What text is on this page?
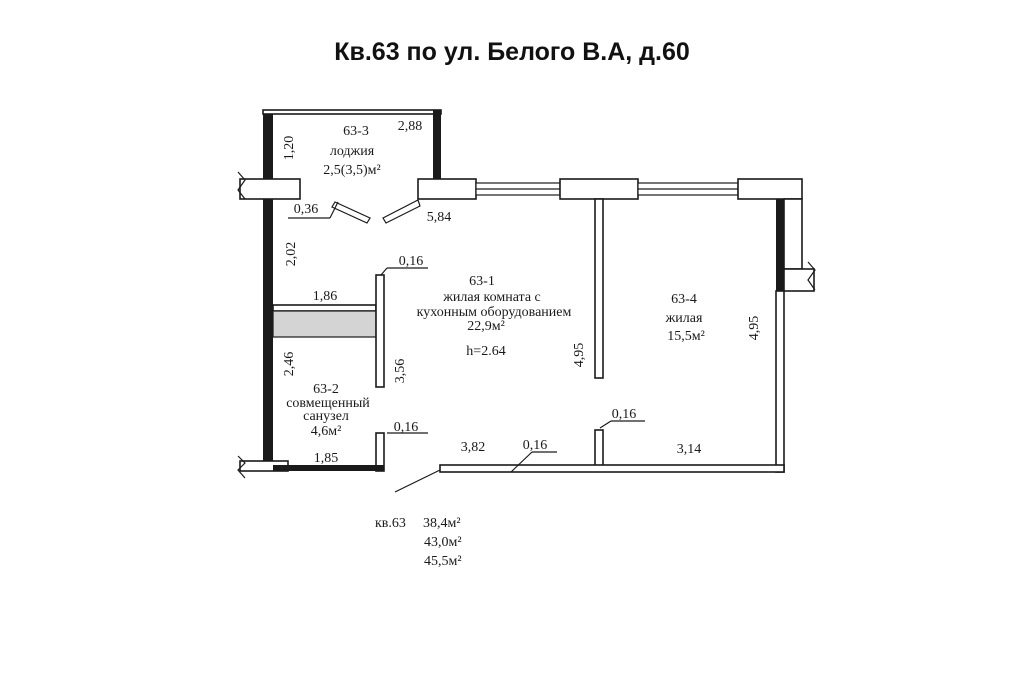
Кв.63 по ул. Белого В.А, д.60
63-3
лоджия
2,5(3,5)м²
63-1
жилая комната с
кухонным оборудованием
22,9м²
h=2.64
63-4
жилая
15,5м²
63-2
совмещенный
санузел
4,6м²
1,20
2,88
0,36
5,84
2,02	0,16
1,86
2,46	3,56
4,95
4,95
0,16
0,16
3,82	0,16	3,14
1,85
кв.63 38,4м²
43,0м²
45,5м²
